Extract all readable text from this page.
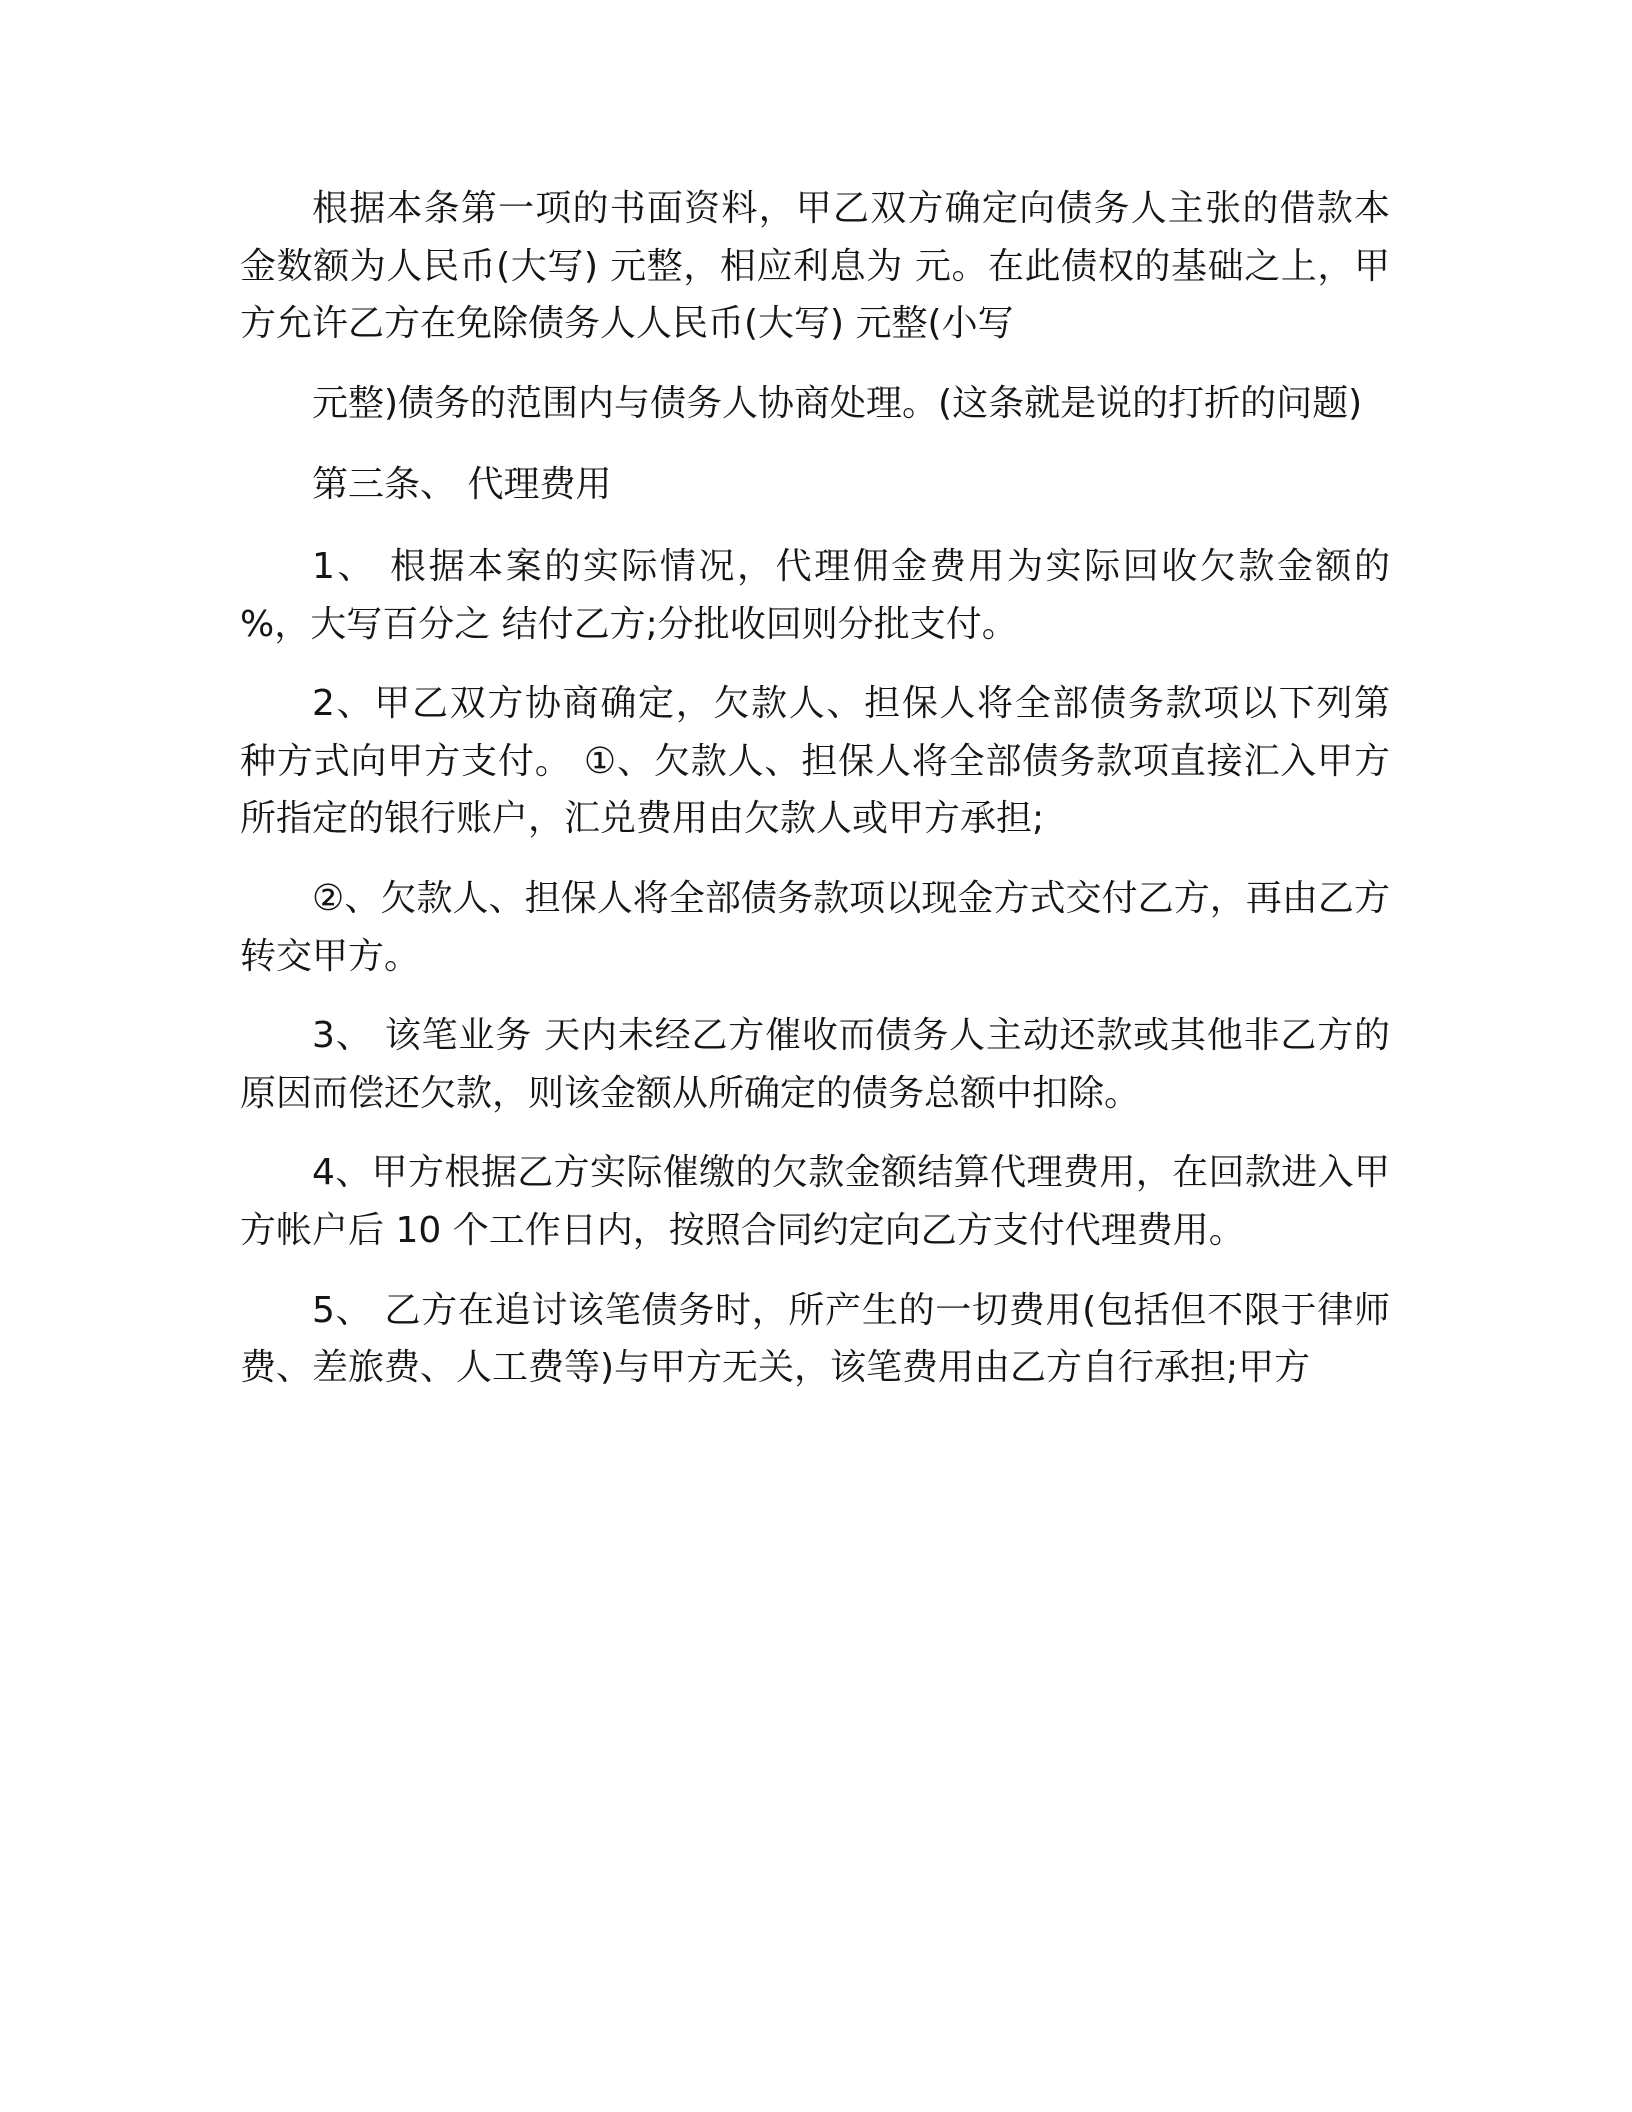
根据本条第一项的书面资料，甲乙双方确定向债务人主张的借款本金数额为人民币(大写) 元整，相应利息为 元。在此债权的基础之上，甲方允许乙方在免除债务人人民币(大写) 元整(小写

元整)债务的范围内与债务人协商处理。(这条就是说的打折的问题)

第三条、 代理费用

1、 根据本案的实际情况，代理佣金费用为实际回收欠款金额的 %，大写百分之 结付乙方;分批收回则分批支付。

2、甲乙双方协商确定，欠款人、担保人将全部债务款项以下列第 种方式向甲方支付。 ①、欠款人、担保人将全部债务款项直接汇入甲方所指定的银行账户，汇兑费用由欠款人或甲方承担;

②、欠款人、担保人将全部债务款项以现金方式交付乙方，再由乙方转交甲方。

3、 该笔业务 天内未经乙方催收而债务人主动还款或其他非乙方的原因而偿还欠款，则该金额从所确定的债务总额中扣除。

4、甲方根据乙方实际催缴的欠款金额结算代理费用，在回款进入甲方帐户后 10 个工作日内，按照合同约定向乙方支付代理费用。

5、 乙方在追讨该笔债务时，所产生的一切费用(包括但不限于律师费、差旅费、人工费等)与甲方无关，该笔费用由乙方自行承担;甲方
